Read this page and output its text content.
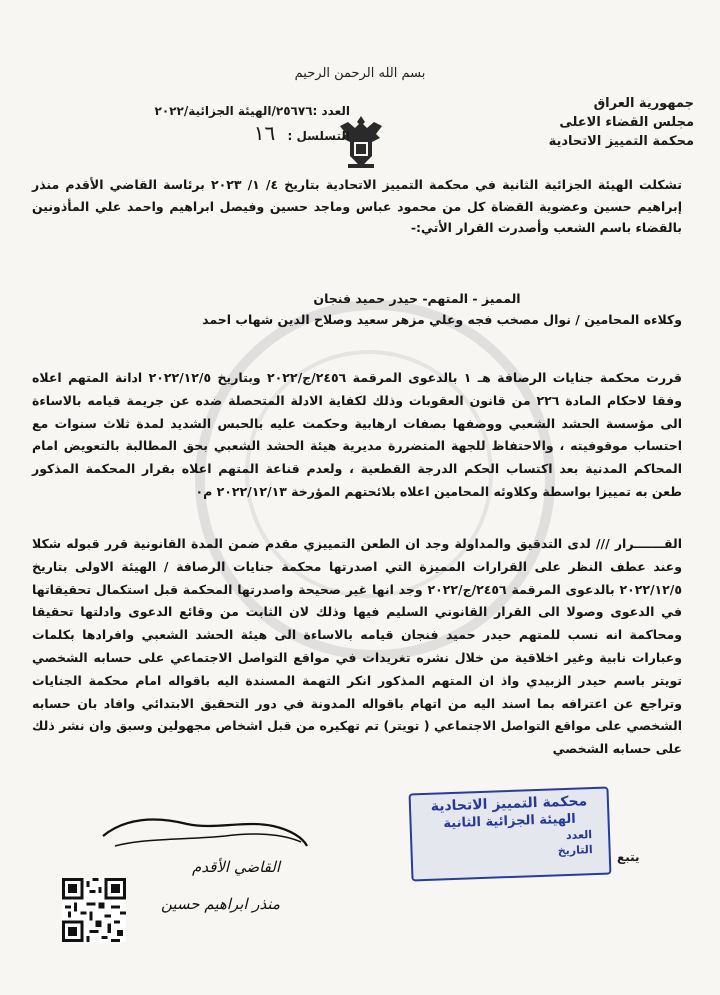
بسم الله الرحمن الرحيم
جمهورية العراق
مجلس القضاء الاعلى
محكمة التمييز الاتحادية
العدد :٢٥٦٧٦/الهيئة الجزائية/٢٠٢٢
التسلسل : ١٦
تشكلت الهيئة الجزائية الثانية في محكمة التمييز الاتحادية بتاريخ ٤/ ١/ ٢٠٢٣ برئاسة القاضي الأقدم منذر إبراهيم حسين وعضوية القضاة كل من محمود عباس وماجد حسين وفيصل ابراهيم واحمد علي المأذونين بالقضاء باسم الشعب وأصدرت القرار الأتي:-
المميز - المتهم- حيدر حميد فنجان
وكلاءه المحامين / نوال مصخب فجه وعلي مزهر سعيد وصلاح الدين شهاب احمد
قررت محكمة جنايات الرصافة هـ ١ بالدعوى المرقمة ٢٤٥٦/ج/٢٠٢٢ وبتاريخ ٢٠٢٢/١٢/٥ ادانة المتهم اعلاه وفقا لاحكام المادة ٢٢٦ من قانون العقوبات وذلك لكفاية الادلة المتحصلة ضده عن جريمة قيامه بالاساءة الى مؤسسة الحشد الشعبي ووصفها بصفات ارهابية وحكمت عليه بالحبس الشديد لمدة ثلاث سنوات مع احتساب موقوفيته ، والاحتفاظ للجهة المتضررة مديرية هيئة الحشد الشعبي بحق المطالبة بالتعويض امام المحاكم المدنية بعد اكتساب الحكم الدرجة القطعية ، ولعدم قناعة المتهم اعلاه بقرار المحكمة المذكور طعن به تمييزا بواسطة وكلاوئه المحامين اعلاه بلائحتهم المؤرخة ٢٠٢٢/١٢/١٣ م٠
القـــــــرار /// لدى التدقيق والمداولة وجد ان الطعن التمييزي مقدم ضمن المدة القانونية قرر قبوله شكلا وعند عطف النظر على القرارات المميزة التي اصدرتها محكمة جنايات الرصافة / الهيئة الاولى بتاريخ ٢٠٢٢/١٢/٥ بالدعوى المرقمة ٢٤٥٦/ج/٢٠٢٢ وجد انها غير صحيحة واصدرتها المحكمة قبل استكمال تحقيقاتها في الدعوى وصولا الى القرار القانوني السليم فيها وذلك لان الثابت من وقائع الدعوى وادلتها تحقيقا ومحاكمة انه نسب للمتهم حيدر حميد فنجان قيامه بالاساءة الى هيئة الحشد الشعبي وافرادها بكلمات وعبارات نابية وغير اخلاقية من خلال نشره تغريدات في مواقع التواصل الاجتماعي على حسابه الشخصي تويتر باسم حيدر الزبيدي واذ ان المتهم المذكور انكر التهمة المسندة اليه باقواله امام محكمة الجنايات وتراجع عن اعترافه بما اسند اليه من اتهام باقواله المدونة في دور التحقيق الابتدائي وافاد بان حسابه الشخصي على مواقع التواصل الاجتماعي ( تويتر) تم تهكيره من قبل اشخاص مجهولين وسبق وان نشر ذلك على حسابه الشخصي
محكمة التمييز الاتحادية
الهيئة الجزائية الثانية
العدد
التاريخ	يتبع
القاضي الأقدم
منذر ابراهيم حسين
